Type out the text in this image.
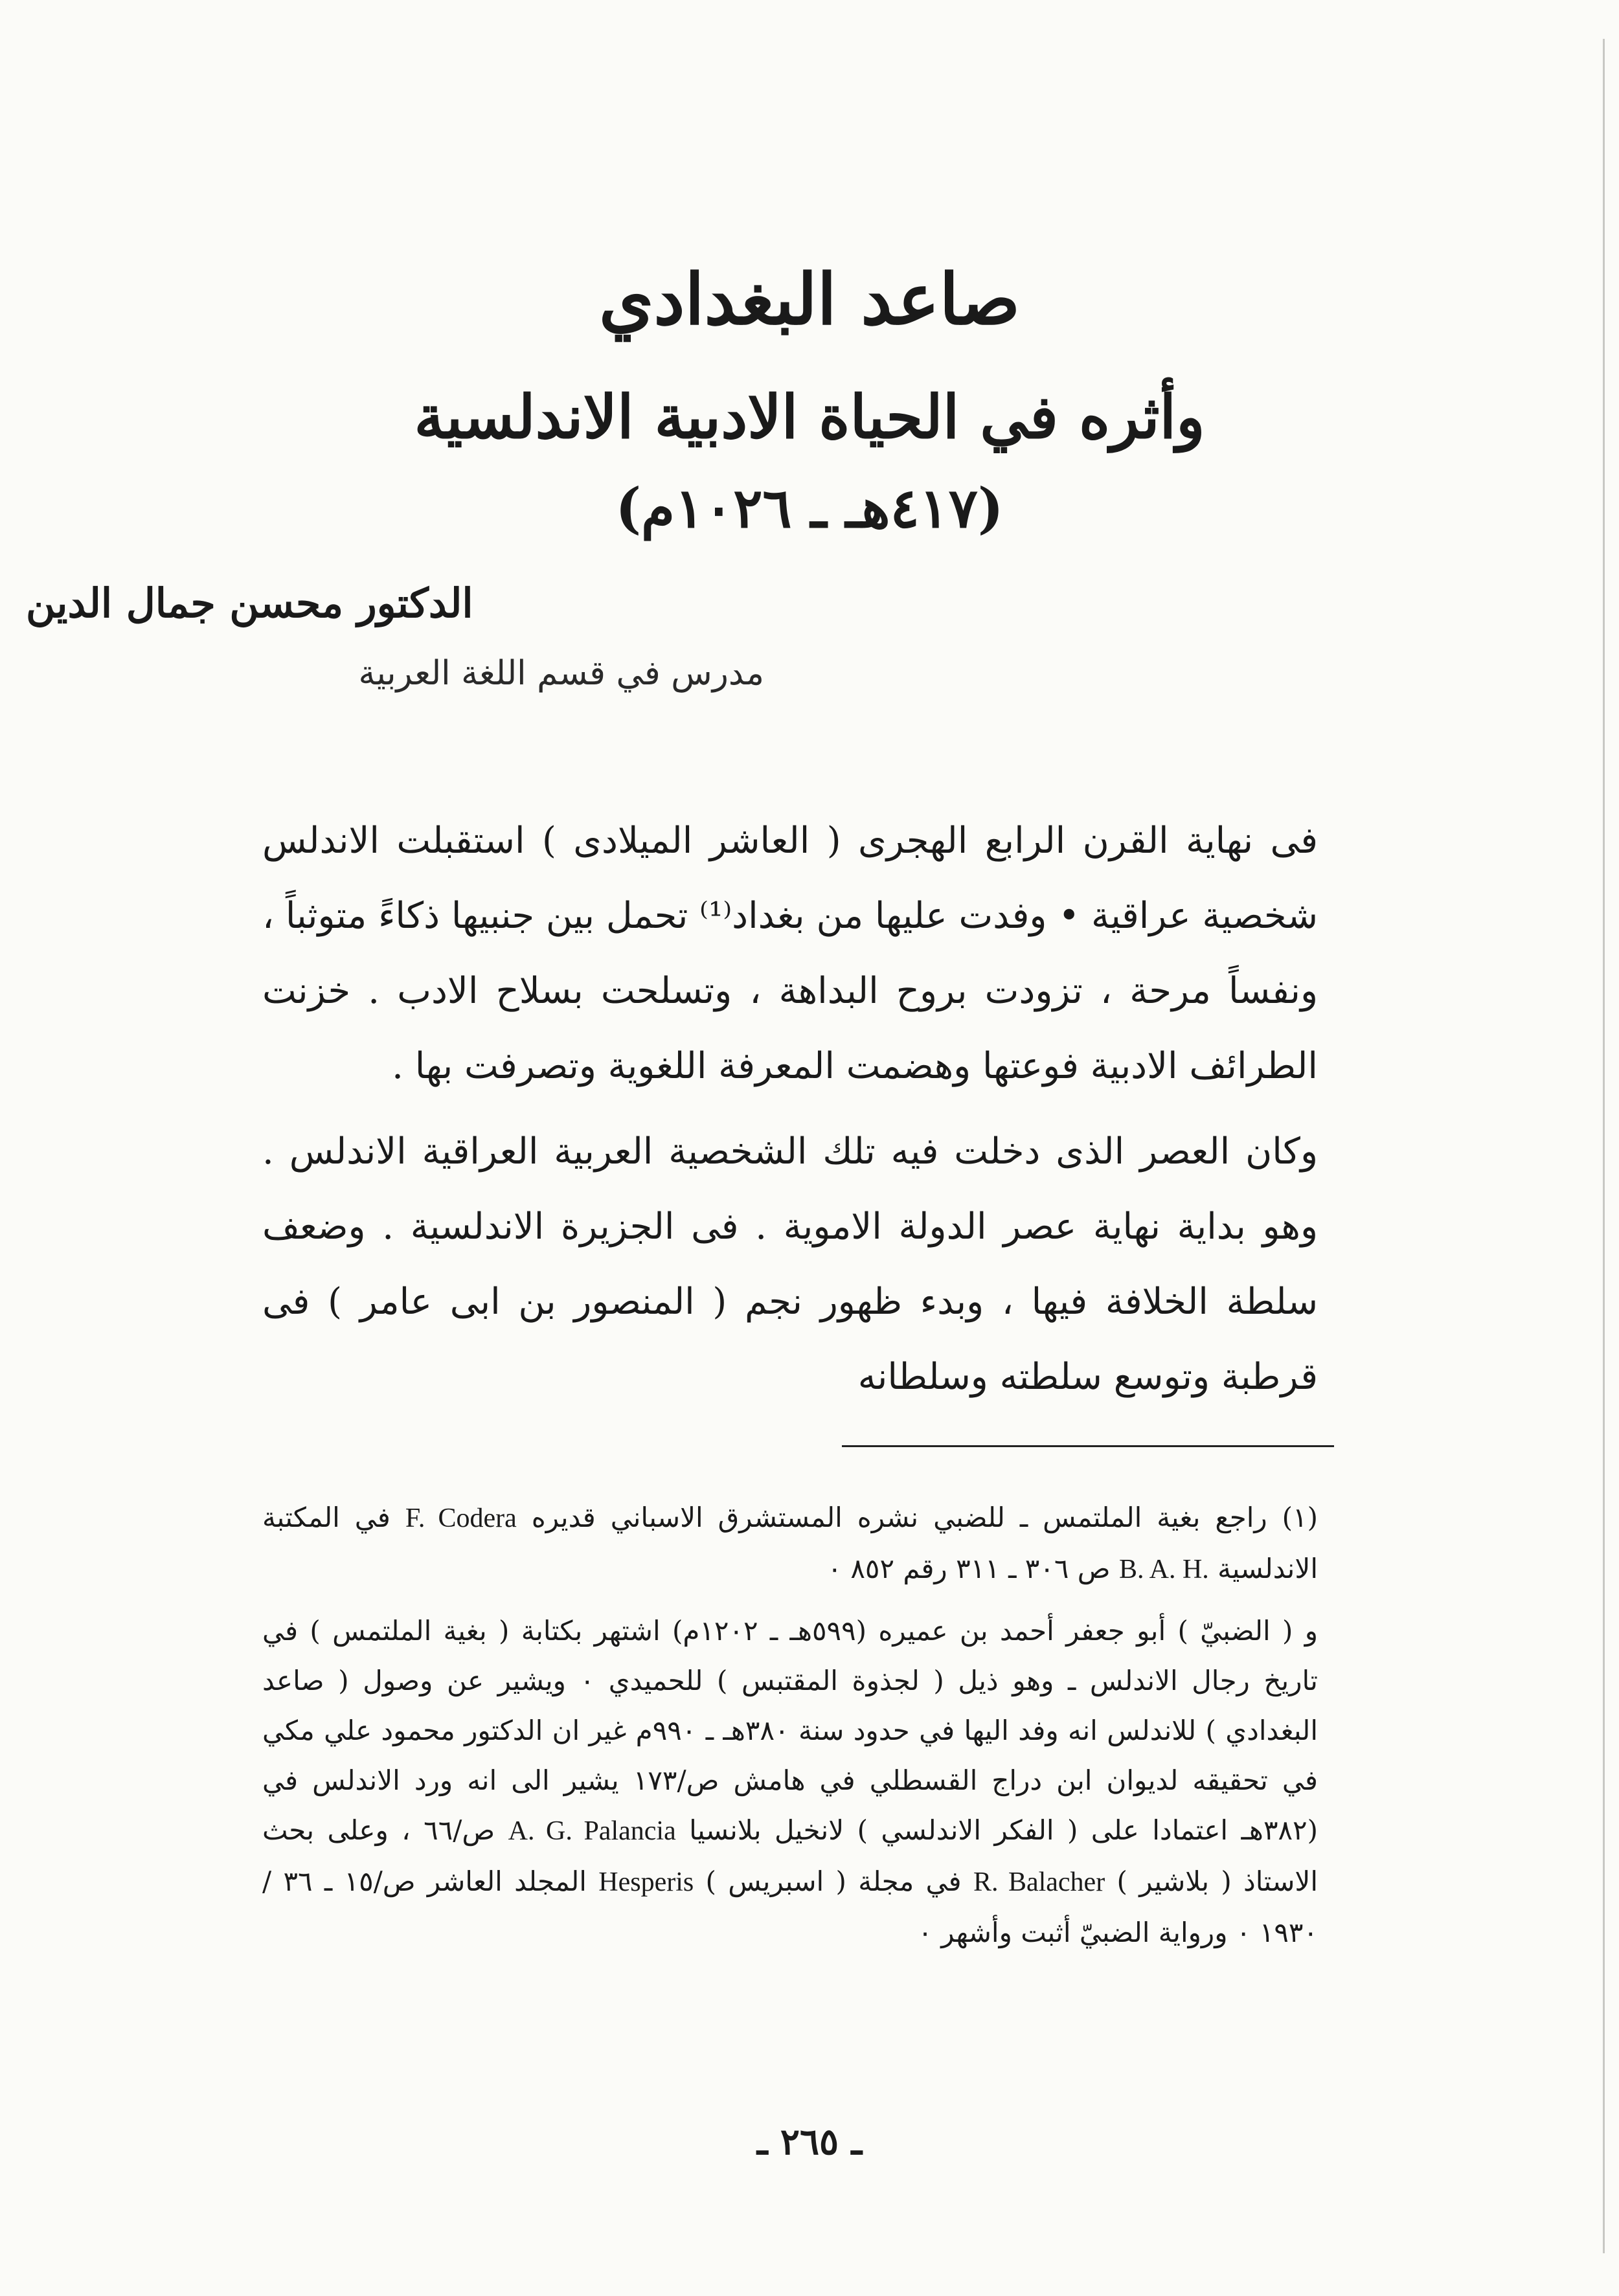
صاعد البغدادي
وأثره في الحياة الادبية الاندلسية
(٤١٧هـ ـ ١٠٢٦م)
الدكتور محسن جمال الدين
مدرس في قسم اللغة العربية

فى نهاية القرن الرابع الهجرى ( العاشر الميلادى ) استقبلت الاندلس شخصية عراقية • وفدت عليها من بغداد⁽¹⁾ تحمل بين جنبيها ذكاءً متوثباً ، ونفساً مرحة ، تزودت بروح البداهة ، وتسلحت بسلاح الادب . خزنت الطرائف الادبية فوعتها وهضمت المعرفة اللغوية وتصرفت بها .

وكان العصر الذى دخلت فيه تلك الشخصية العربية العراقية الاندلس . وهو بداية نهاية عصر الدولة الاموية . فى الجزيرة الاندلسية . وضعف سلطة الخلافة فيها ، وبدء ظهور نجم ( المنصور بن ابى عامر ) فى قرطبة وتوسع سلطته وسلطانه

(١) راجع بغية الملتمس ـ للضبي نشره المستشرق الاسباني قديره F. Codera في المكتبة الاندلسية B. A. H. ص ٣٠٦ ـ ٣١١ رقم ٨٥٢ ٠
و ( الضبيّ ) أبو جعفر أحمد بن عميره (٥٩٩هـ ـ ١٢٠٢م) اشتهر بكتابة ( بغية الملتمس ) في تاريخ رجال الاندلس ـ وهو ذيل ( لجذوة المقتبس ) للحميدي ٠ ويشير عن وصول ( صاعد البغدادي ) للاندلس انه وفد اليها في حدود سنة ٣٨٠هـ ـ ٩٩٠م غير ان الدكتور محمود علي مكي في تحقيقه لديوان ابن دراج القسطلي في هامش ص/١٧٣ يشير الى انه ورد الاندلس في (٣٨٢هـ اعتمادا على ( الفكر الاندلسي ) لانخيل بلانسيا A. G. Palancia ص/٦٦ ، وعلى بحث الاستاذ ( بلاشير ) R. Balacher في مجلة ( اسبريس ) Hesperis المجلد العاشر ص/١٥ ـ ٣٦ / ١٩٣٠ ٠ ورواية الضبيّ أثبت وأشهر ٠
ـ ٢٦٥ ـ
